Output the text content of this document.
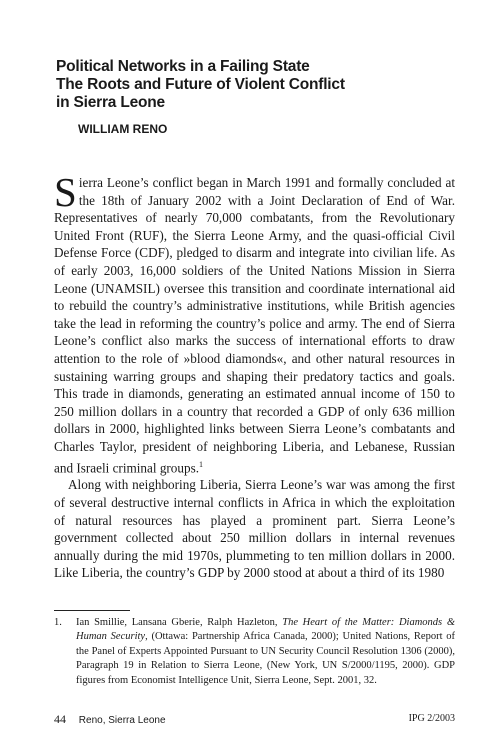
Political Networks in a Failing State
The Roots and Future of Violent Conflict
in Sierra Leone
WILLIAM RENO

Sierra Leone’s conflict began in March 1991 and formally concluded at the 18th of January 2002 with a Joint Declaration of End of War. Representatives of nearly 70,000 combatants, from the Revolutionary United Front (RUF), the Sierra Leone Army, and the quasi-official Civil Defense Force (CDF), pledged to disarm and integrate into civilian life. As of early 2003, 16,000 soldiers of the United Nations Mission in Sierra Leone (UNAMSIL) oversee this transition and coordinate international aid to rebuild the country’s administrative institutions, while British agencies take the lead in reforming the country’s police and army. The end of Sierra Leone’s conflict also marks the success of international efforts to draw attention to the role of »blood diamonds«, and other natural resources in sustaining warring groups and shaping their predatory tactics and goals. This trade in diamonds, generating an estimated annual income of 150 to 250 million dollars in a country that recorded a GDP of only 636 million dollars in 2000, highlighted links between Sierra Leone’s combatants and Charles Taylor, president of neighboring Liberia, and Lebanese, Russian and Israeli criminal groups.$^1$

Along with neighboring Liberia, Sierra Leone’s war was among the first of several destructive internal conflicts in Africa in which the exploitation of natural resources has played a prominent part. Sierra Leone’s government collected about 250 million dollars in internal revenues annually during the mid 1970s, plummeting to ten million dollars in 2000. Like Liberia, the country’s GDP by 2000 stood at about a third of its 1980

1.	Ian Smillie, Lansana Gberie, Ralph Hazleton, The Heart of the Matter: Diamonds & Human Security, (Ottawa: Partnership Africa Canada, 2000); United Nations, Report of the Panel of Experts Appointed Pursuant to UN Security Council Resolution 1306 (2000), Paragraph 19 in Relation to Sierra Leone, (New York, UN S/2000/1195, 2000). GDP figures from Economist Intelligence Unit, Sierra Leone, Sept. 2001, 32.
44 Reno, Sierra Leone	IPG 2/2003
